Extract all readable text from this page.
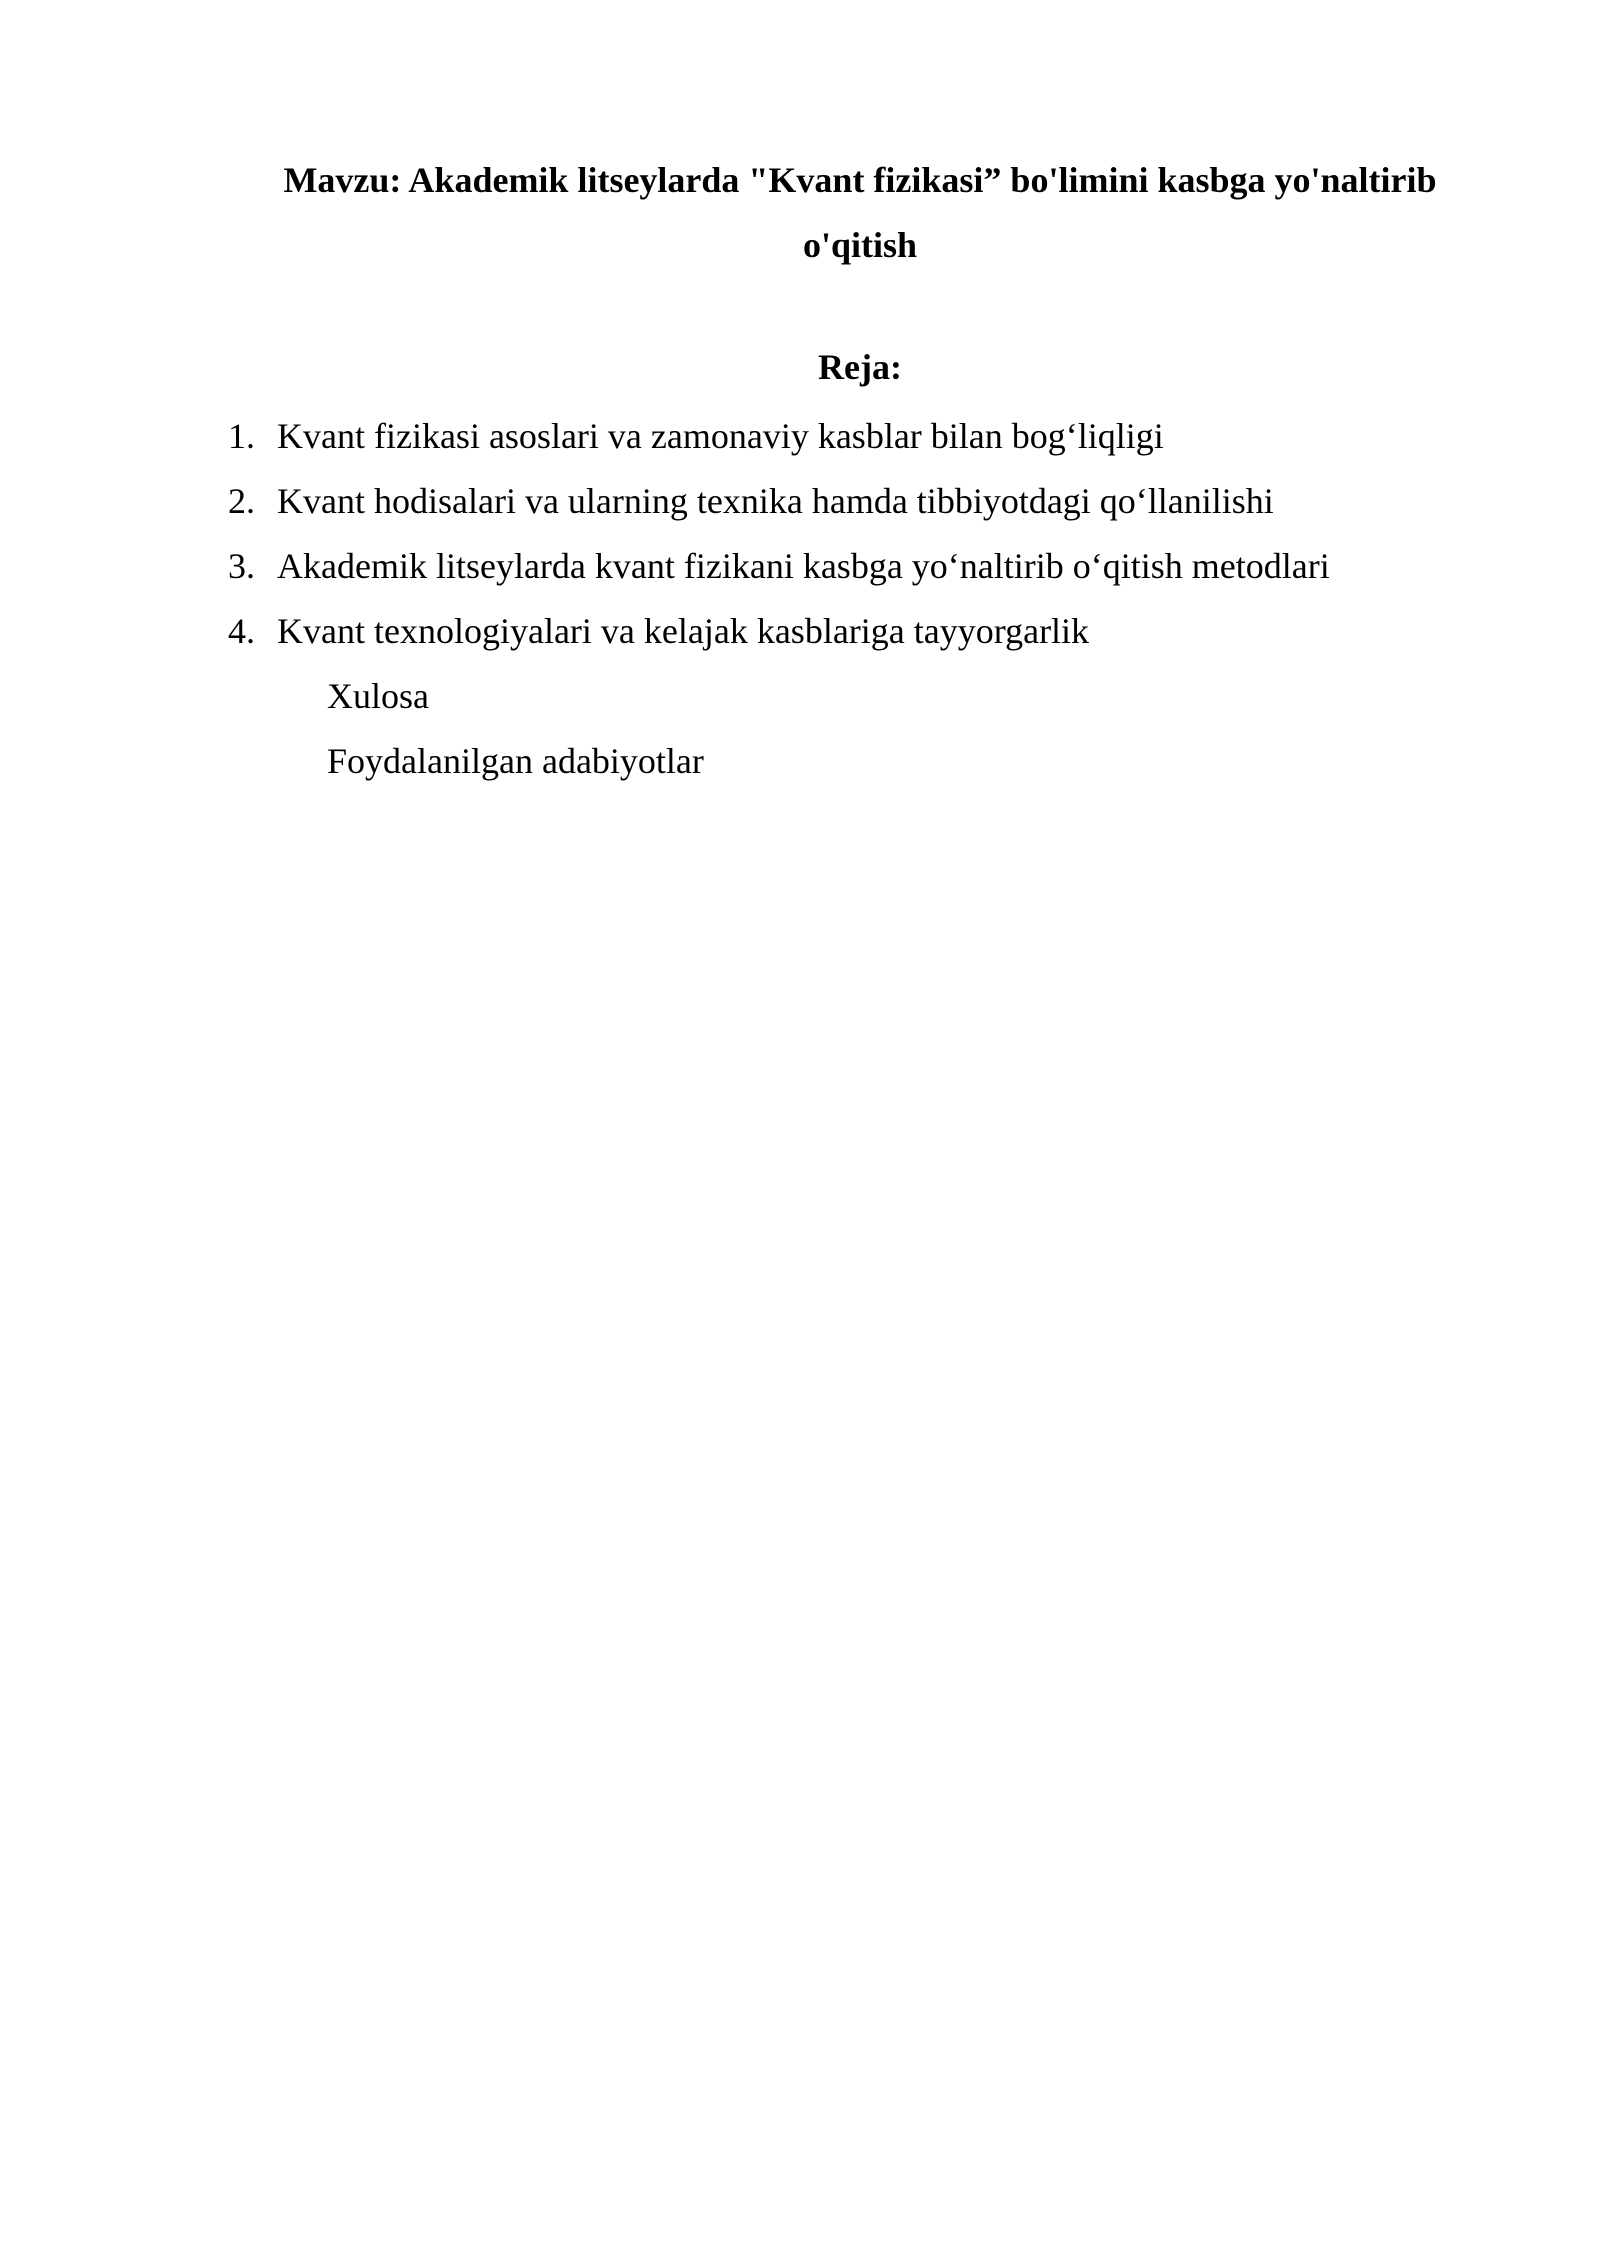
Mavzu: Akademik litseylarda "Kvant fizikasi” bo'limini kasbga yo'naltirib o'qitish
Reja:
1. Kvant fizikasi asoslari va zamonaviy kasblar bilan bog‘liqligi
2. Kvant hodisalari va ularning texnika hamda tibbiyotdagi qo‘llanilishi
3. Akademik litseylarda kvant fizikani kasbga yo‘naltirib o‘qitish metodlari
4. Kvant texnologiyalari va kelajak kasblariga tayyorgarlik
Xulosa
Foydalanilgan adabiyotlar
